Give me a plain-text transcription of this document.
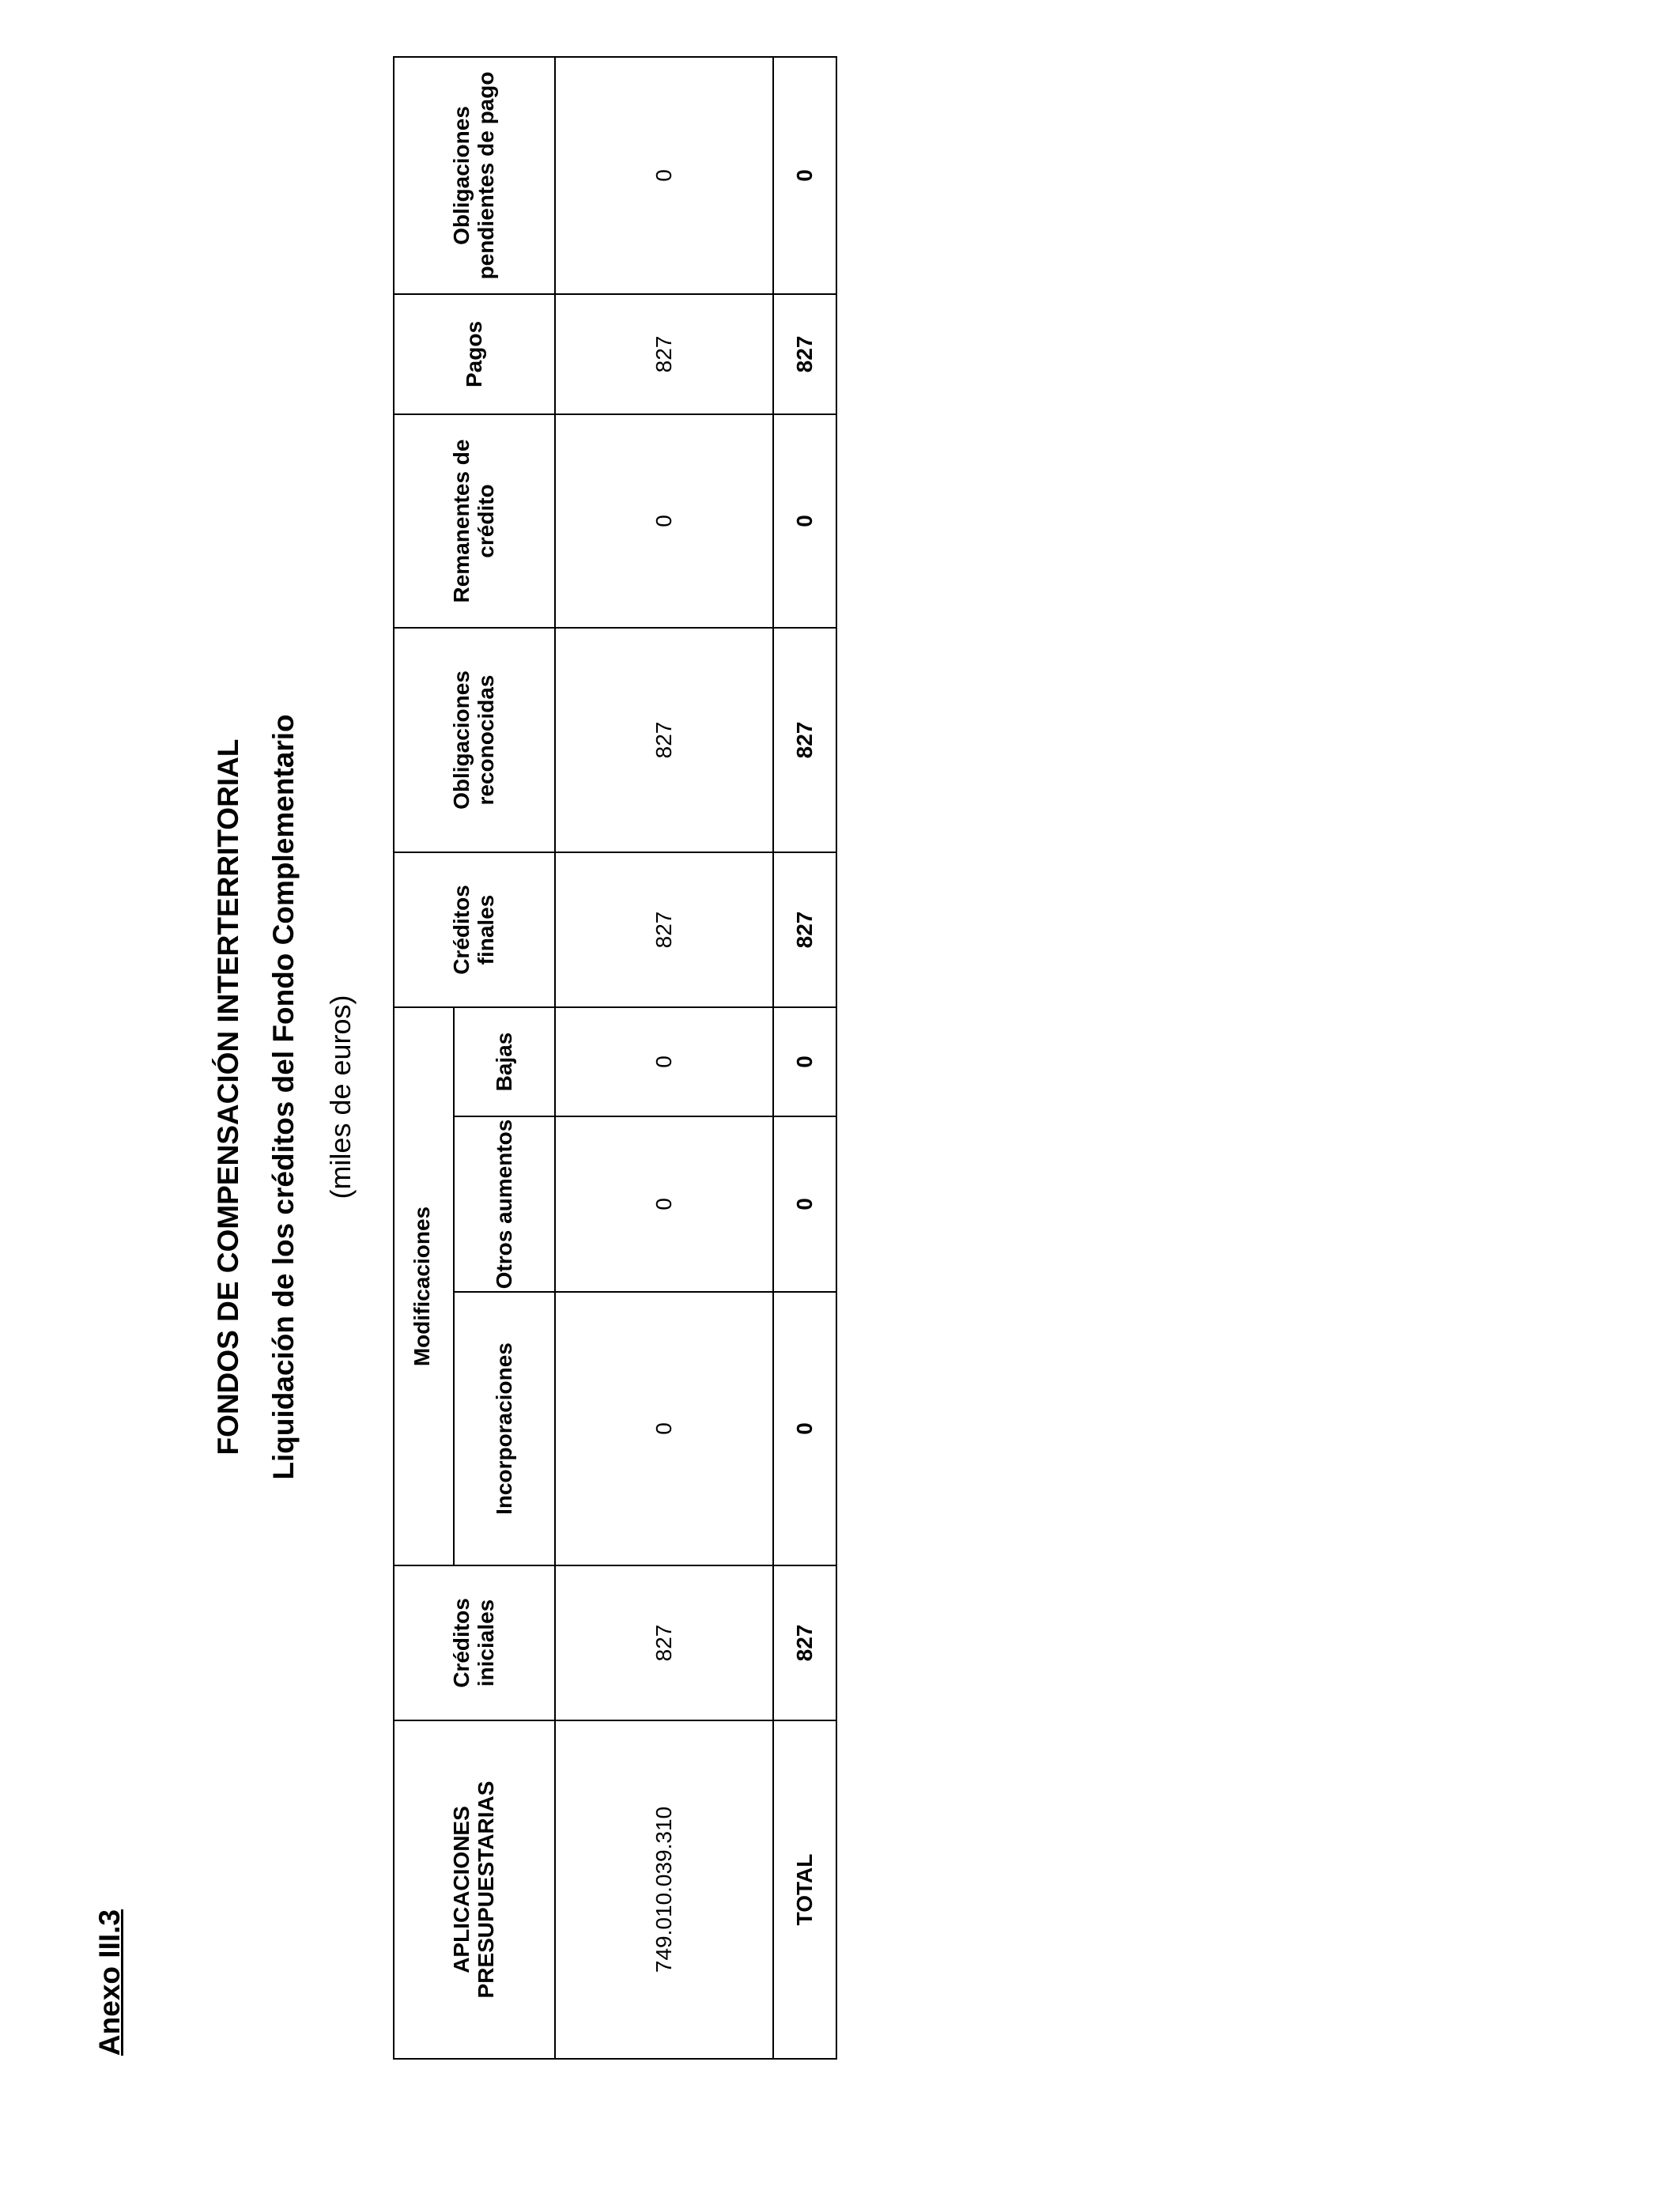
Anexo III.3
FONDOS DE COMPENSACIÓN INTERTERRITORIAL Liquidación de los créditos del Fondo Complementario (miles de euros)
APLICACIONES PRESUPUESTARIAS	Créditos iniciales	Modificaciones			Créditos finales	Obligaciones reconocidas	Remanentes de crédito	Pagos	Obligaciones pendientes de pago
		Incorporaciones	Otros aumentos	Bajas					
749.010.039.310	827	0	0	0	827	827	0	827	0
TOTAL	827	0	0	0	827	827	0	827	0
